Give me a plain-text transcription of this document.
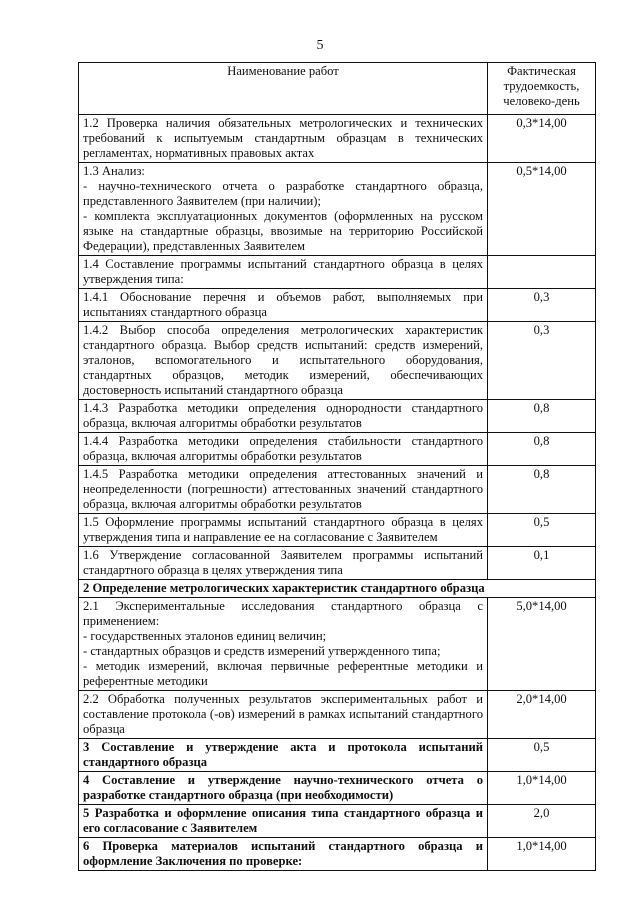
5
Наименование работ	Фактическая
трудоемкость,
человеко-день

1.2 Проверка наличия обязательных метрологических и технических требований к испытуемым стандартным образцам в технических регламентах, нормативных правовых актах	0,3*14,00

1.3 Анализ:
- научно-технического отчета о разработке стандартного образца, представленного Заявителем (при наличии);
- комплекта эксплуатационных документов (оформленных на русском языке на стандартные образцы, ввозимые на территорию Российской Федерации), представленных Заявителем	0,5*14,00

1.4 Составление программы испытаний стандартного образца в целях утверждения типа:	

1.4.1 Обоснование перечня и объемов работ, выполняемых при испытаниях стандартного образца	0,3

1.4.2 Выбор способа определения метрологических характеристик стандартного образца. Выбор средств испытаний: средств измерений, эталонов, вспомогательного и испытательного оборудования, стандартных образцов, методик измерений, обеспечивающих достоверность испытаний стандартного образца	0,3

1.4.3 Разработка методики определения однородности стандартного образца, включая алгоритмы обработки результатов	0,8

1.4.4 Разработка методики определения стабильности стандартного образца, включая алгоритмы обработки результатов	0,8

1.4.5 Разработка методики определения аттестованных значений и неопределенности (погрешности) аттестованных значений стандартного образца, включая алгоритмы обработки результатов	0,8

1.5 Оформление программы испытаний стандартного образца в целях утверждения типа и направление ее на согласование с Заявителем	0,5

1.6 Утверждение согласованной Заявителем программы испытаний стандартного образца в целях утверждения типа	0,1

2 Определение метрологических характеристик стандартного образца	

2.1 Экспериментальные исследования стандартного образца с применением:
- государственных эталонов единиц величин;
- стандартных образцов и средств измерений утвержденного типа;
- методик измерений, включая первичные референтные методики и референтные методики	5,0*14,00

2.2 Обработка полученных результатов экспериментальных работ и составление протокола (-ов) измерений в рамках испытаний стандартного образца	2,0*14,00

3 Составление и утверждение акта и протокола испытаний стандартного образца	0,5

4 Составление и утверждение научно-технического отчета о разработке стандартного образца (при необходимости)	1,0*14,00

5 Разработка и оформление описания типа стандартного образца и его согласование с Заявителем	2,0

6 Проверка материалов испытаний стандартного образца и оформление Заключения по проверке:	1,0*14,00
